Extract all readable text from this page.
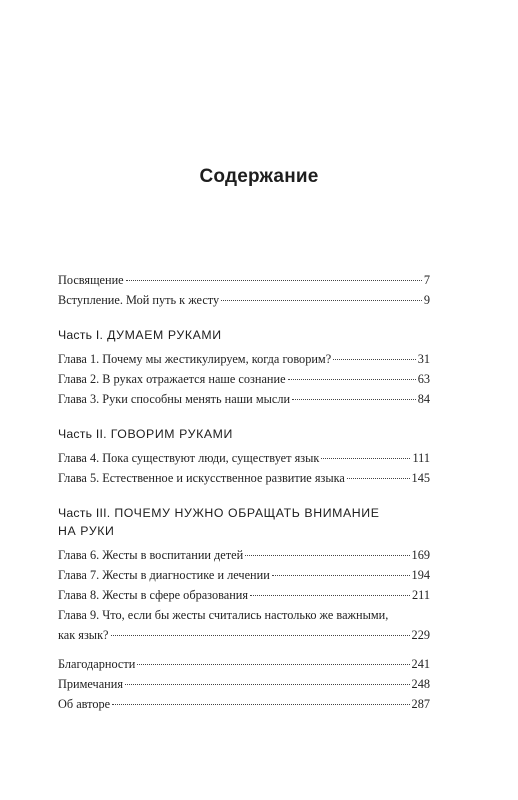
Содержание
Посвящение	7
Вступление. Мой путь к жесту	9
Часть I. ДУМАЕМ РУКАМИ
Глава 1. Почему мы жестикулируем, когда говорим?	31
Глава 2. В руках отражается наше сознание	63
Глава 3. Руки способны менять наши мысли	84
Часть II. ГОВОРИМ РУКАМИ
Глава 4. Пока существуют люди, существует язык	111
Глава 5. Естественное и искусственное развитие языка	145
Часть III. ПОЧЕМУ НУЖНО ОБРАЩАТЬ ВНИМАНИЕ
НА РУКИ
Глава 6. Жесты в воспитании детей	169
Глава 7. Жесты в диагностике и лечении	194
Глава 8. Жесты в сфере образования	211
Глава 9. Что, если бы жесты считались настолько же важными,
как язык?	229
Благодарности	241
Примечания	248
Об авторе	287
